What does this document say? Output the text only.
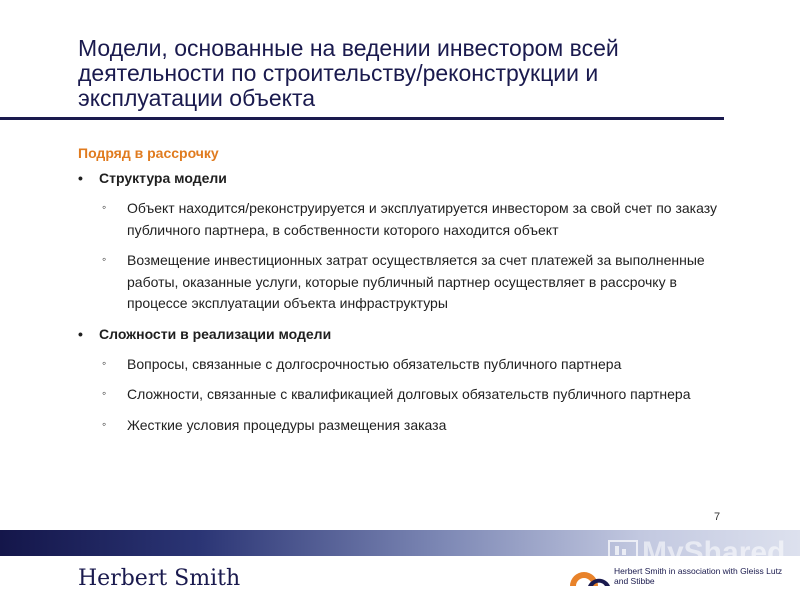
Модели, основанные на ведении инвестором всей деятельности по строительству/реконструкции и эксплуатации объекта
Подряд в рассрочку
• Структура модели
◦ Объект находится/реконструируется и эксплуатируется инвестором за свой счет по заказу публичного партнера, в собственности которого находится объект
◦ Возмещение инвестиционных затрат осуществляется за счет платежей за выполненные работы, оказанные услуги, которые публичный партнер осуществляет в рассрочку в процессе эксплуатации объекта инфраструктуры
• Сложности в реализации модели
◦ Вопросы, связанные с долгосрочностью обязательств публичного партнера
◦ Сложности, связанные с квалификацией долговых обязательств публичного партнера
◦ Жесткие условия процедуры размещения заказа
7
MyShared
Herbert Smith	Herbert Smith in association with Gleiss Lutz and Stibbe
